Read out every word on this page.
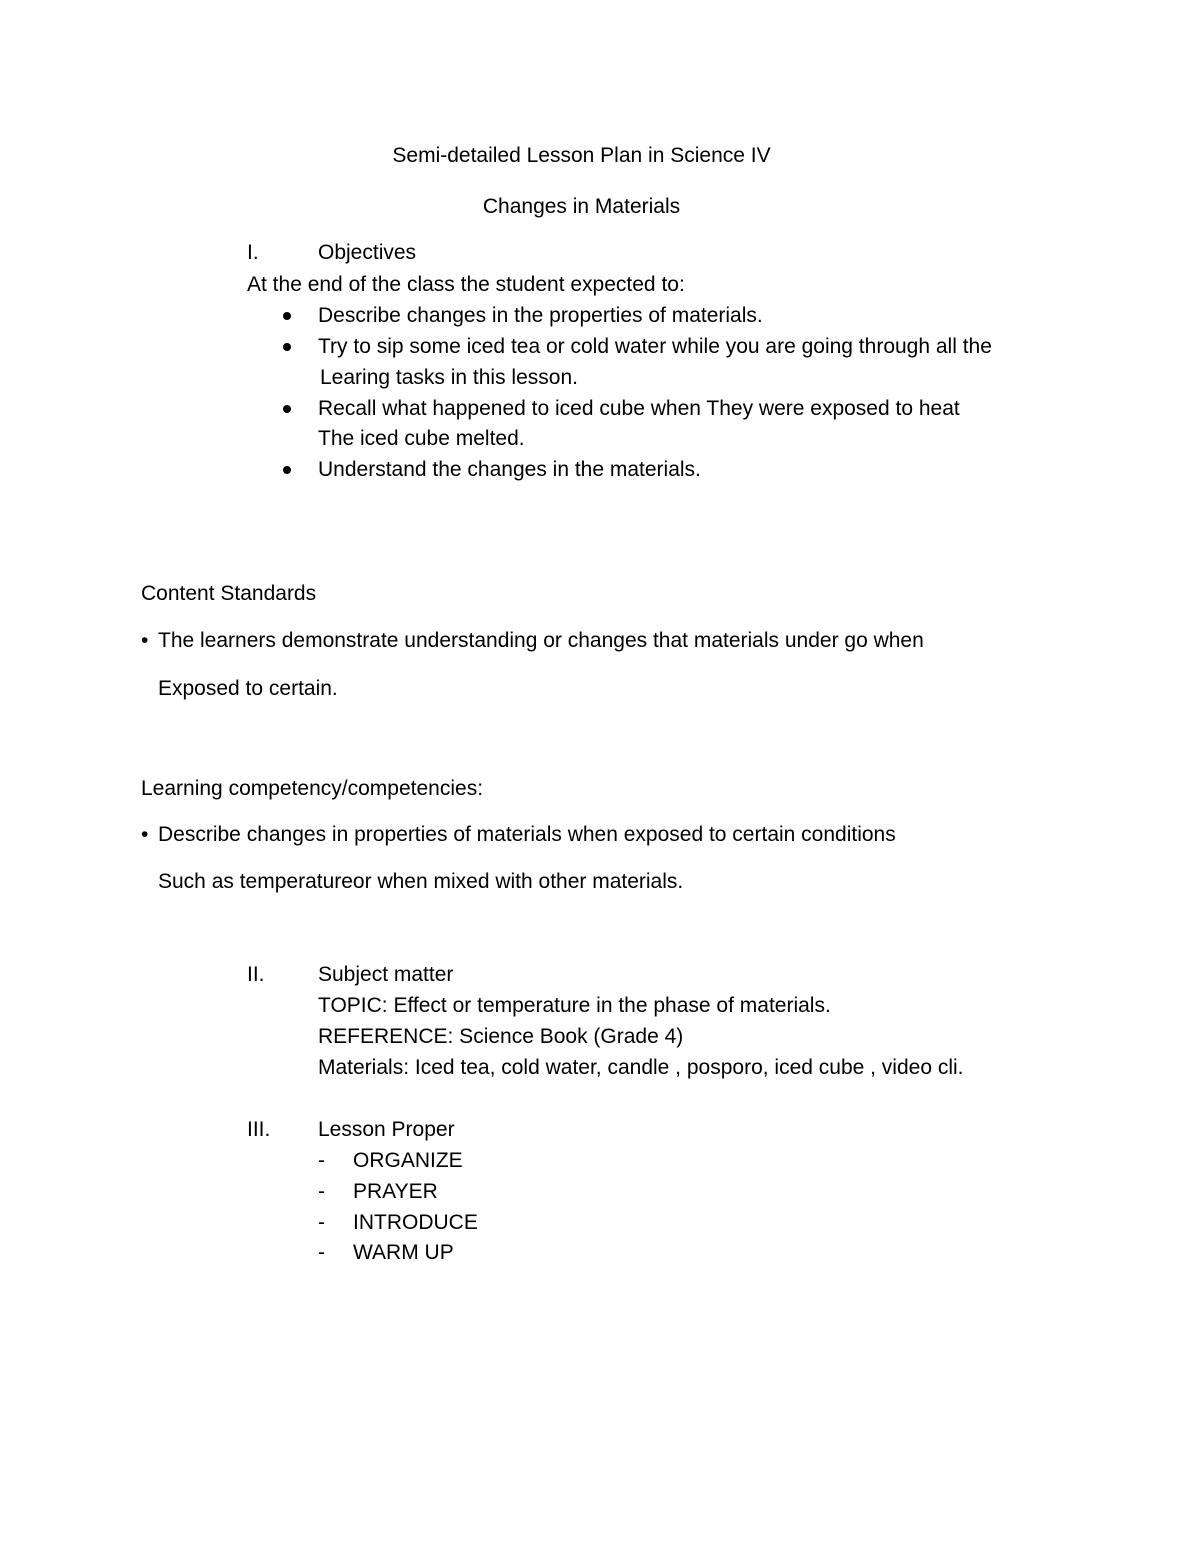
Semi-detailed Lesson Plan in Science IV

Changes in Materials

I.	Objectives

At the end of the class the student expected to:

Describe changes in the properties of materials.

Try to sip some iced tea or cold water while you are going through all the

Learing tasks in this lesson.

Recall what happened to iced cube when They were exposed to heat

The iced cube melted.

Understand the changes in the materials.

Content Standards

• The learners demonstrate understanding or changes that materials under go when

Exposed to certain.

Learning competency/competencies:

• Describe changes in properties of materials when exposed to certain conditions

Such as temperatureor when mixed with other materials.

II.	Subject matter

TOPIC: Effect or temperature in the phase of materials.

REFERENCE: Science Book (Grade 4)

Materials: Iced tea, cold water, candle , posporo, iced cube , video cli.

III. Lesson Proper

- ORGANIZE

- PRAYER

- INTRODUCE

- WARM UP
